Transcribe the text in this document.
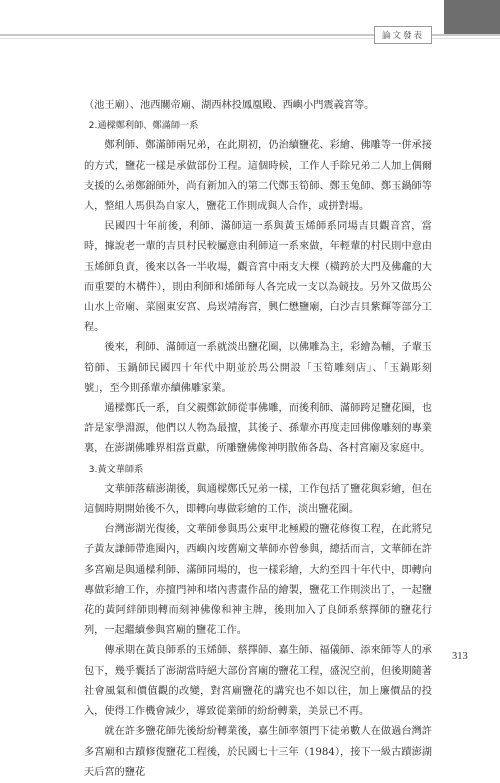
論文發表

（池王廟）、池西關帝廟、湖西林投鳳凰殿、西嶼小門震義宮等。

2.通樑鄭利師、鄭滿師一系

鄭利師、鄭滿師兩兄弟，在此期初，仍治續鹽花、彩繪、佛雕等一併承接的方式，鹽花一樣是承做部份工程。這個時候，工作人手除兄弟二人加上偶爾支援的么弟鄭錦師外，尚有新加入的第二代鄭玉筍師、鄭玉兔師、鄭玉鍋師等人，整組人馬俱為自家人，鹽花工作則成與人合作，或拼對場。

民國四十年前後，利師、滿師這一系與黃玉烯師系同場吉貝觀音宮，當時，據說老一輩的吉貝村民較屬意由利師這一系來做，年輕輩的村民則中意由玉烯師負責，後來以各一半收場，觀音宮中兩支大棵（橫跨於大門及佛龕的大而重要的木構件），則由利師和烯師每人各完成一支以為競技。另外又做馬公山水上帝廟、菜園東安宮、烏崁靖海宮，興仁懋鹽廟，白沙吉貝紫輝等部分工程。

後來，利師、滿師這一系就淡出鹽花圈，以佛雕為主，彩繪為輔，子輩玉筍師、玉鍋師民國四十年代中期並於馬公開設「玉筍雕刻店」、「玉鍋彫刻號」，至今則孫輩亦續佛雕家業。

通樑鄭氏一系，自父親鄭欽師從事佛雕，而後利師、滿師跨足鹽花圈，也許是家學淵源，他們以人物為最擅，其後子、孫輩亦再度走回佛像雕刻的專業裏，在澎湖佛雕界相當貢獻，所雕鹽佛像神明散佈各島、各村宮廟及家庭中。

3.黃文華師系

文華師落藉澎湖後，與通樑鄭氏兄弟一樣，工作包括了鹽花與彩繪，但在這個時期開始後不久，即轉向專做彩繪的工作，淡出鹽花圈。

台灣澎湖光復後，文華師參與馬公東甲北極殿的鹽花修復工程，在此將兒子黃友謙師帶進圈內，西嶼內垵舊廟文華師亦曾參與，總括而言，文華師在許多宮廟是與通樑利師、滿師同場的，也一樣彩繪，大約至四十年代中，即轉向專做彩繪工作，亦擅門神和堵內書畫作品的繪製，鹽花工作則淡出了，一起鹽花的黃阿絆師則轉而刻神佛像和神主牌，後則加入了良師系蔡擇師的鹽花行列，一起繼續參與宮廟的鹽花工作。

傳承期在黃良師系的玉烯師、蔡擇師、嘉生師、福儀師、添來師等人的承包下，幾乎囊括了澎湖當時絕大部份宮廟的鹽花工程，盛況空前，但後期隨著社會風氣和價值觀的改變，對宮廟鹽花的講究也不如以往，加上廉價品的投入，使得工作機會減少，導致從業師的紛紛轉業，美景已不再。

就在許多鹽花師先後紛紛轉業後，嘉生師率領門下徒弟數人在做過台灣許多宮廟和古蹟修復鹽花工程後，於民國七十三年（1984），接下一級古蹟澎湖天后宮的鹽花

313
